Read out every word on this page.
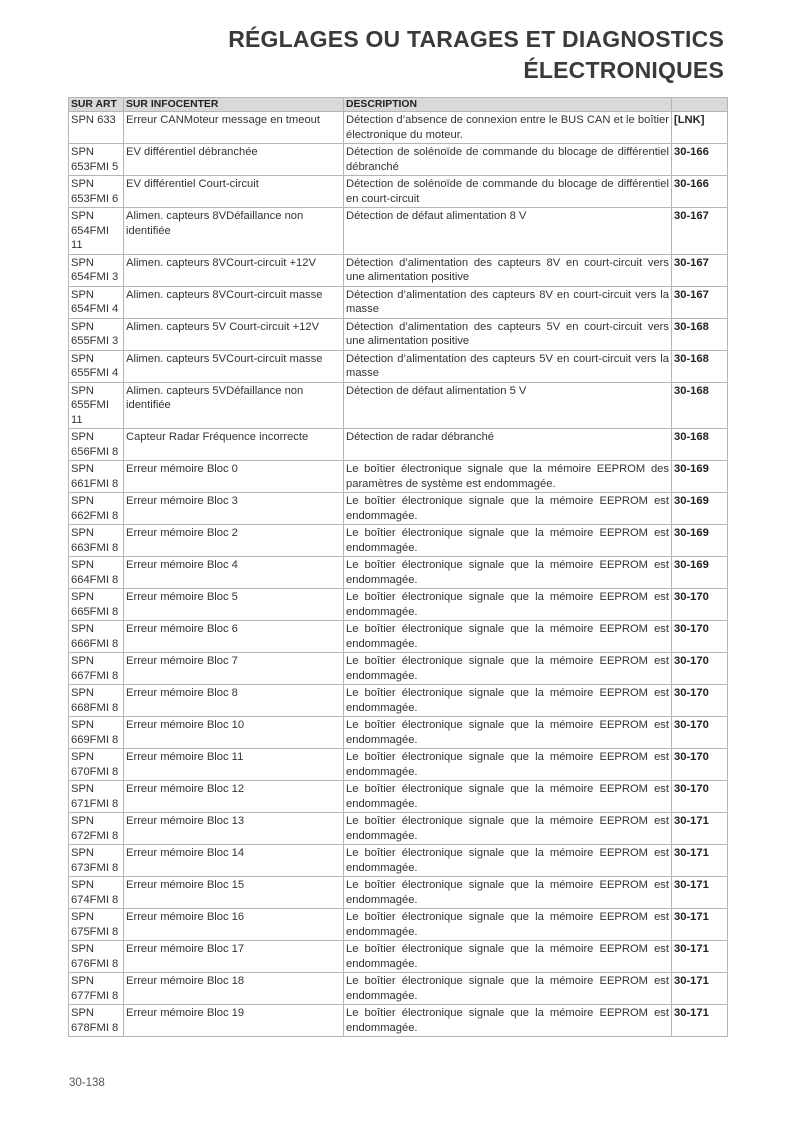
RÉGLAGES OU TARAGES ET DIAGNOSTICS
ÉLECTRONIQUES
SUR ART	SUR INFOCENTER	DESCRIPTION	
SPN 633	Erreur CANMoteur message en tmeout	Détection d’absence de connexion entre le BUS CAN et le boîtier électronique du moteur.	[LNK]
SPN 653FMI 5	EV différentiel débranchée	Détection de solénoïde de commande du blocage de différentiel débranché	30-166
SPN 653FMI 6	EV différentiel Court-circuit	Détection de solénoïde de commande du blocage de différentiel en court-circuit	30-166
SPN 654FMI 11	Alimen. capteurs 8VDéfaillance non identifiée	Détection de défaut alimentation 8 V	30-167
SPN 654FMI 3	Alimen. capteurs 8VCourt-circuit +12V	Détection d’alimentation des capteurs 8V en court-circuit vers une alimentation positive	30-167
SPN 654FMI 4	Alimen. capteurs 8VCourt-circuit masse	Détection d’alimentation des capteurs 8V en court-circuit vers la masse	30-167
SPN 655FMI 3	Alimen. capteurs 5V Court-circuit +12V	Détection d’alimentation des capteurs 5V en court-circuit vers une alimentation positive	30-168
SPN 655FMI 4	Alimen. capteurs 5VCourt-circuit masse	Détection d’alimentation des capteurs 5V en court-circuit vers la masse	30-168
SPN 655FMI 11	Alimen. capteurs 5VDéfaillance non identifiée	Détection de défaut alimentation 5 V	30-168
SPN 656FMI 8	Capteur Radar Fréquence incorrecte	Détection de radar débranché	30-168
SPN 661FMI 8	Erreur mémoire Bloc 0	Le boîtier électronique signale que la mémoire EEPROM des paramètres de système est endommagée.	30-169
SPN 662FMI 8	Erreur mémoire Bloc 3	Le boîtier électronique signale que la mémoire EEPROM est endommagée.	30-169
SPN 663FMI 8	Erreur mémoire Bloc 2	Le boîtier électronique signale que la mémoire EEPROM est endommagée.	30-169
SPN 664FMI 8	Erreur mémoire Bloc 4	Le boîtier électronique signale que la mémoire EEPROM est endommagée.	30-169
SPN 665FMI 8	Erreur mémoire Bloc 5	Le boîtier électronique signale que la mémoire EEPROM est endommagée.	30-170
SPN 666FMI 8	Erreur mémoire Bloc 6	Le boîtier électronique signale que la mémoire EEPROM est endommagée.	30-170
SPN 667FMI 8	Erreur mémoire Bloc 7	Le boîtier électronique signale que la mémoire EEPROM est endommagée.	30-170
SPN 668FMI 8	Erreur mémoire Bloc 8	Le boîtier électronique signale que la mémoire EEPROM est endommagée.	30-170
SPN 669FMI 8	Erreur mémoire Bloc 10	Le boîtier électronique signale que la mémoire EEPROM est endommagée.	30-170
SPN 670FMI 8	Erreur mémoire Bloc 11	Le boîtier électronique signale que la mémoire EEPROM est endommagée.	30-170
SPN 671FMI 8	Erreur mémoire Bloc 12	Le boîtier électronique signale que la mémoire EEPROM est endommagée.	30-170
SPN 672FMI 8	Erreur mémoire Bloc 13	Le boîtier électronique signale que la mémoire EEPROM est endommagée.	30-171
SPN 673FMI 8	Erreur mémoire Bloc 14	Le boîtier électronique signale que la mémoire EEPROM est endommagée.	30-171
SPN 674FMI 8	Erreur mémoire Bloc 15	Le boîtier électronique signale que la mémoire EEPROM est endommagée.	30-171
SPN 675FMI 8	Erreur mémoire Bloc 16	Le boîtier électronique signale que la mémoire EEPROM est endommagée.	30-171
SPN 676FMI 8	Erreur mémoire Bloc 17	Le boîtier électronique signale que la mémoire EEPROM est endommagée.	30-171
SPN 677FMI 8	Erreur mémoire Bloc 18	Le boîtier électronique signale que la mémoire EEPROM est endommagée.	30-171
SPN 678FMI 8	Erreur mémoire Bloc 19	Le boîtier électronique signale que la mémoire EEPROM est endommagée.	30-171
30-138
